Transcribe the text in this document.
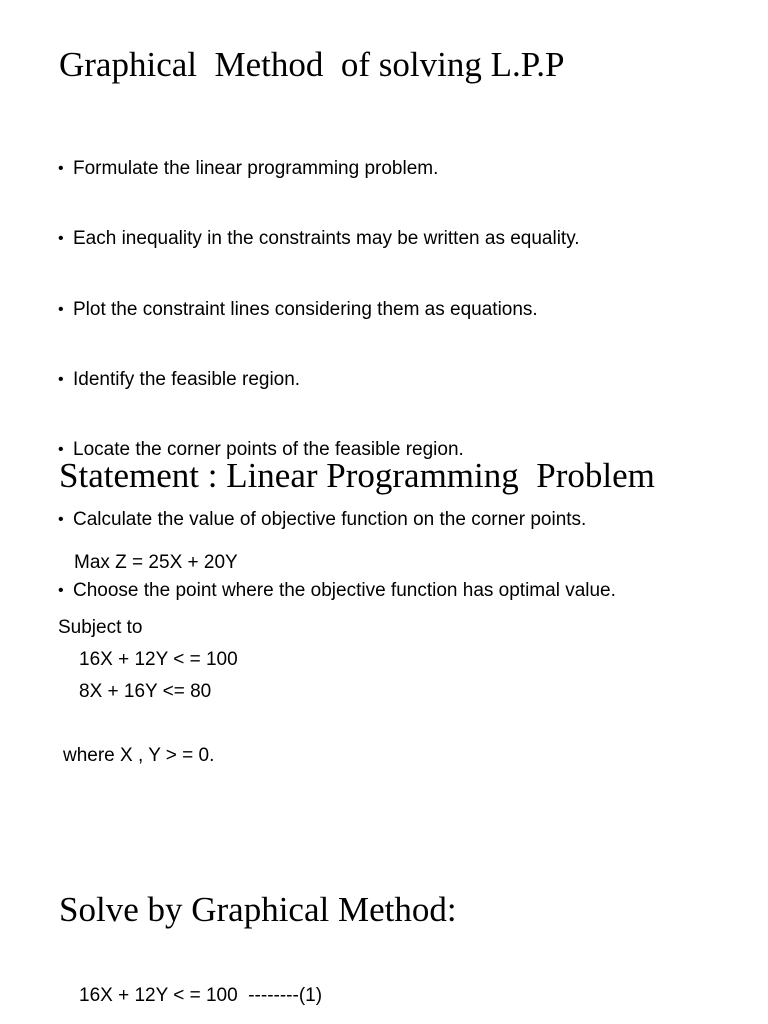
Graphical  Method  of solving L.P.P

• Formulate the linear programming problem.

• Each inequality in the constraints may be written as equality.

• Plot the constraint lines considering them as equations.

• Identify the feasible region.

• Locate the corner points of the feasible region.

• Calculate the value of objective function on the corner points.

• Choose the point where the objective function has optimal value.

Statement : Linear Programming  Problem
Max Z = 25X + 20Y
Subject to
16X + 12Y < = 100
8X + 16Y <= 80
where X , Y > = 0.
Solve by Graphical Method:
16X + 12Y < = 100  --------(1)
